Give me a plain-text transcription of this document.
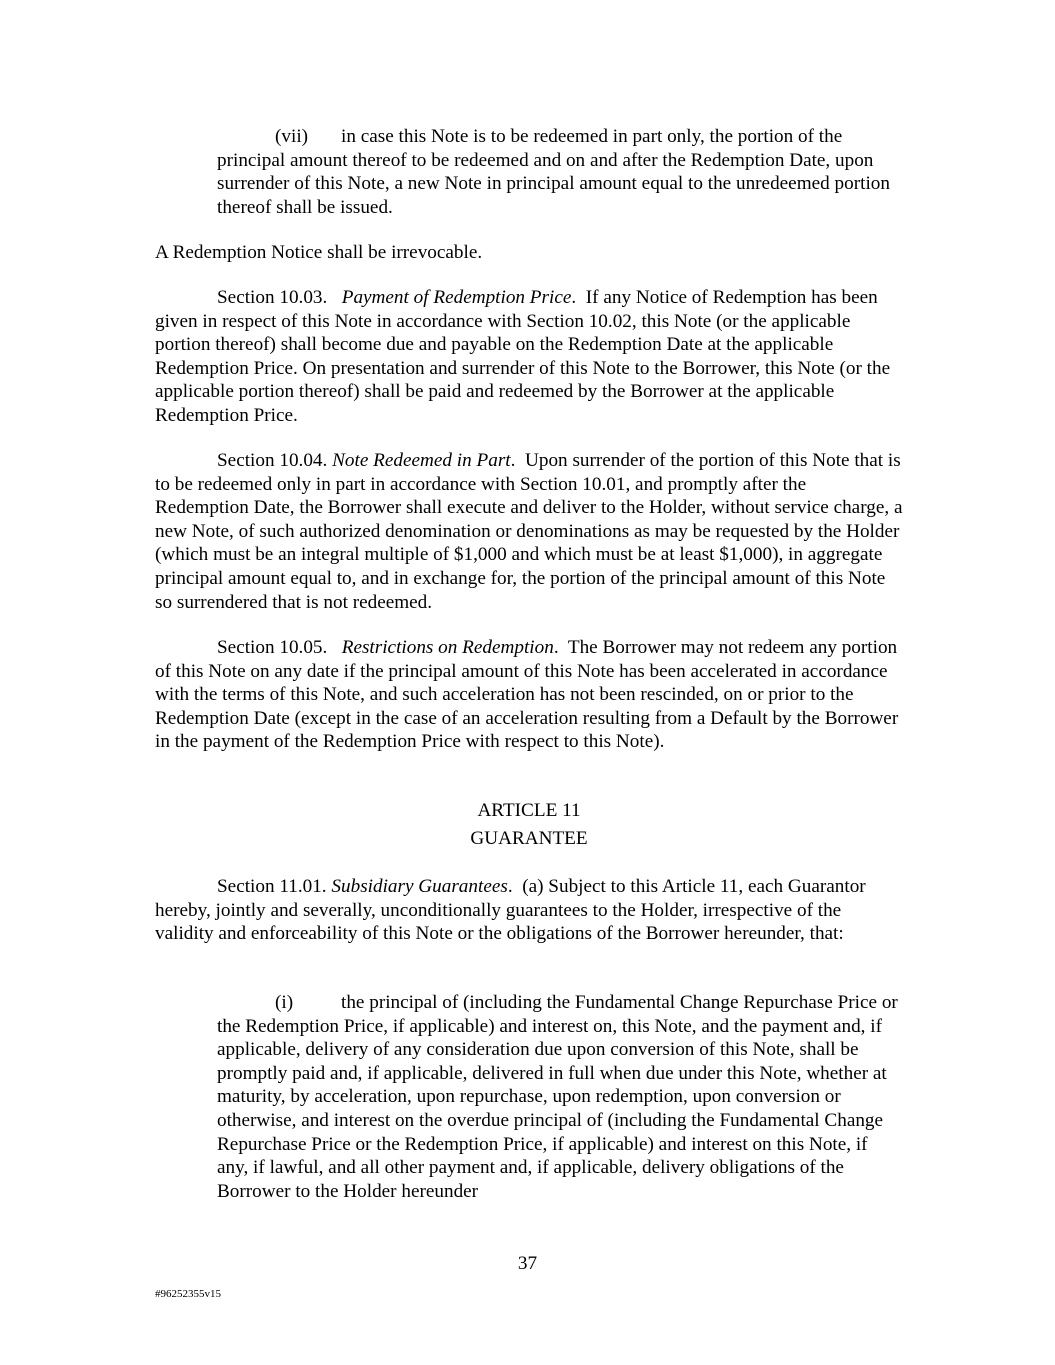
(vii) in case this Note is to be redeemed in part only, the portion of the principal amount thereof to be redeemed and on and after the Redemption Date, upon surrender of this Note, a new Note in principal amount equal to the unredeemed portion thereof shall be issued.
A Redemption Notice shall be irrevocable.
Section 10.03. Payment of Redemption Price.  If any Notice of Redemption has been given in respect of this Note in accordance with Section 10.02, this Note (or the applicable portion thereof) shall become due and payable on the Redemption Date at the applicable Redemption Price. On presentation and surrender of this Note to the Borrower, this Note (or the applicable portion thereof) shall be paid and redeemed by the Borrower at the applicable Redemption Price.
Section 10.04. Note Redeemed in Part.  Upon surrender of the portion of this Note that is to be redeemed only in part in accordance with Section 10.01, and promptly after the Redemption Date, the Borrower shall execute and deliver to the Holder, without service charge, a new Note, of such authorized denomination or denominations as may be requested by the Holder (which must be an integral multiple of $1,000 and which must be at least $1,000), in aggregate principal amount equal to, and in exchange for, the portion of the principal amount of this Note so surrendered that is not redeemed.
Section 10.05. Restrictions on Redemption.  The Borrower may not redeem any portion of this Note on any date if the principal amount of this Note has been accelerated in accordance with the terms of this Note, and such acceleration has not been rescinded, on or prior to the Redemption Date (except in the case of an acceleration resulting from a Default by the Borrower in the payment of the Redemption Price with respect to this Note).
ARTICLE 11
GUARANTEE
Section 11.01. Subsidiary Guarantees.  (a) Subject to this Article 11, each Guarantor hereby, jointly and severally, unconditionally guarantees to the Holder, irrespective of the validity and enforceability of this Note or the obligations of the Borrower hereunder, that:
(i) the principal of (including the Fundamental Change Repurchase Price or the Redemption Price, if applicable) and interest on, this Note, and the payment and, if applicable, delivery of any consideration due upon conversion of this Note, shall be promptly paid and, if applicable, delivered in full when due under this Note, whether at maturity, by acceleration, upon repurchase, upon redemption, upon conversion or otherwise, and interest on the overdue principal of (including the Fundamental Change Repurchase Price or the Redemption Price, if applicable) and interest on this Note, if any, if lawful, and all other payment and, if applicable, delivery obligations of the Borrower to the Holder hereunder
37
#96252355v15
